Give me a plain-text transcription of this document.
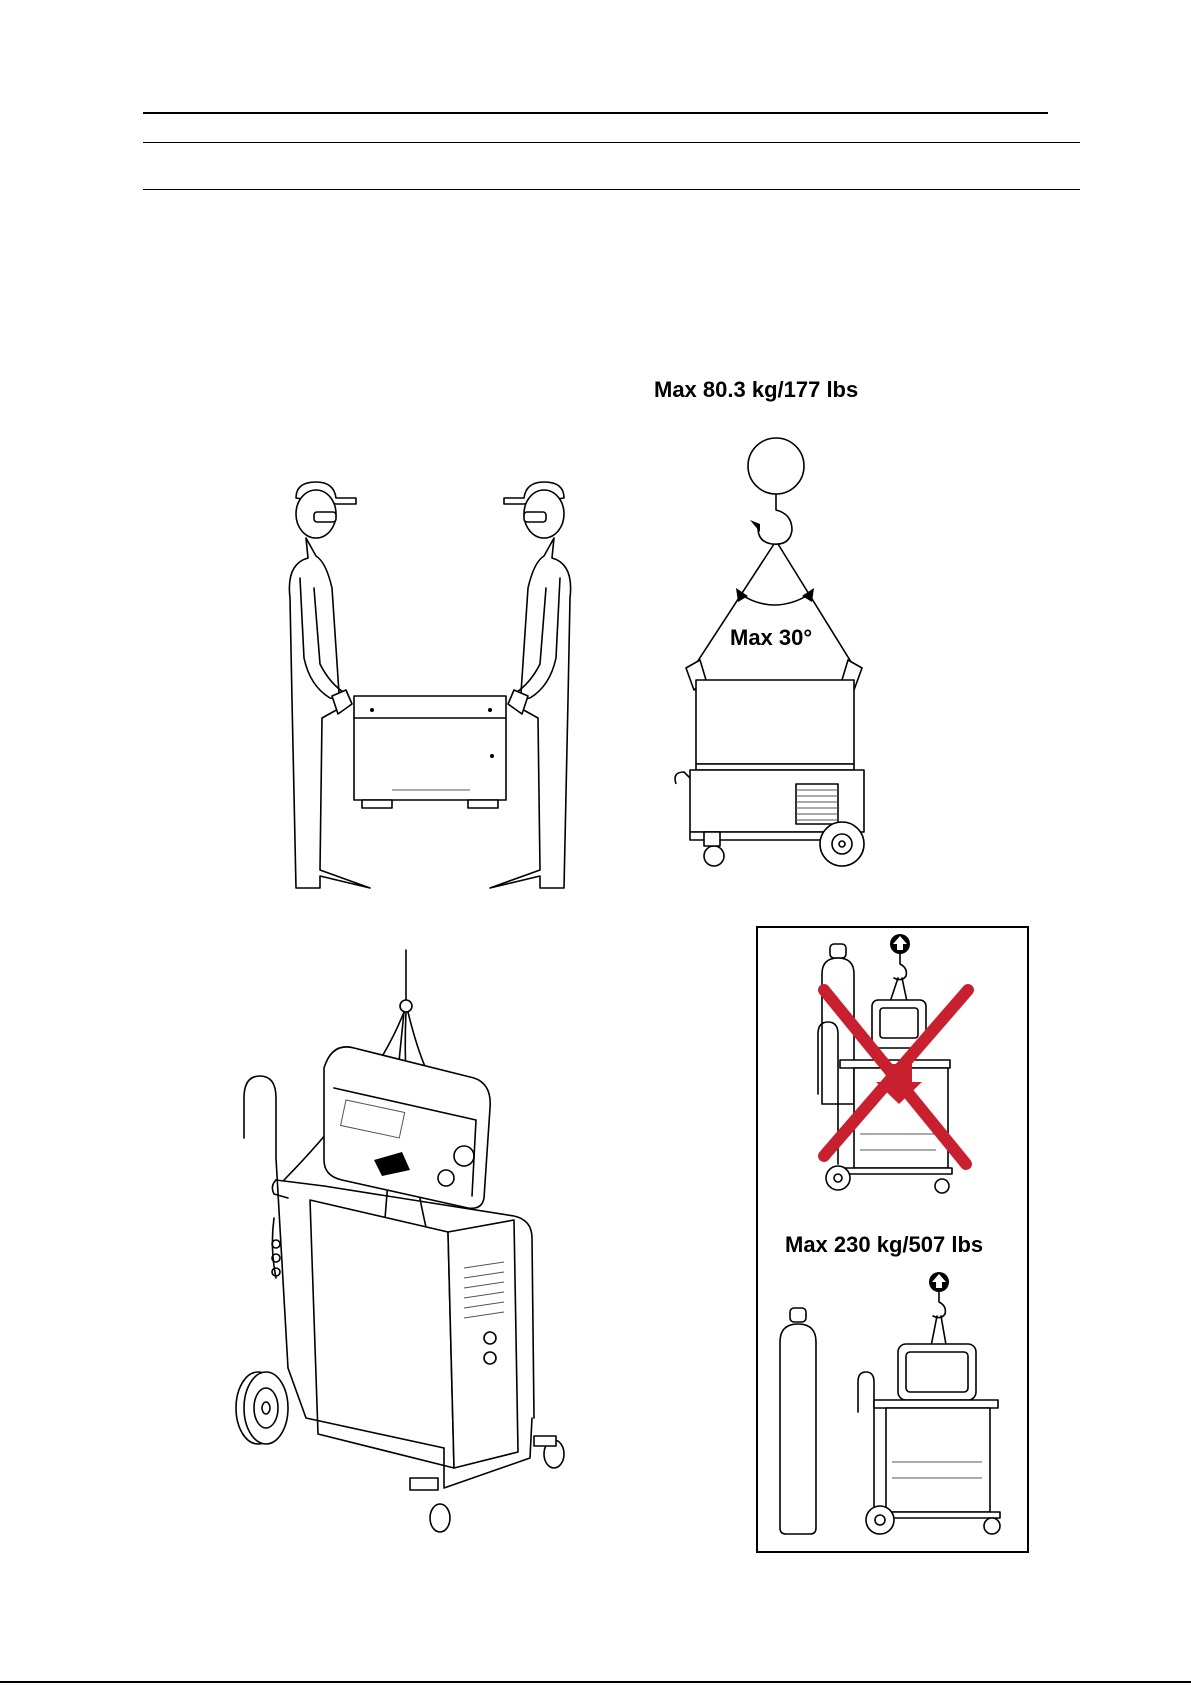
Max 80.3 kg/177 lbs
Max 30°
Max 230 kg/507 lbs
